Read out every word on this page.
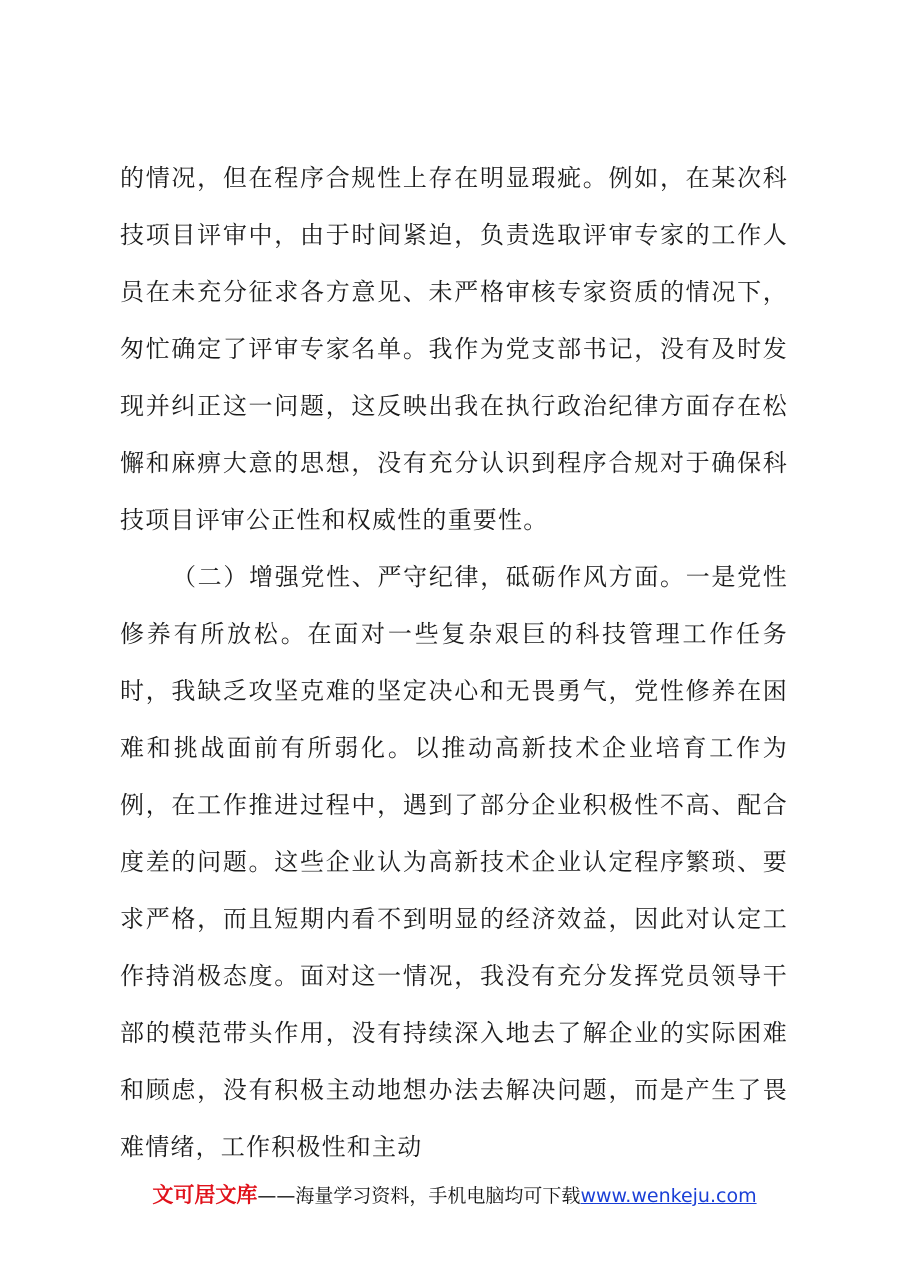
的情况，但在程序合规性上存在明显瑕疵。例如，在某次科技项目评审中，由于时间紧迫，负责选取评审专家的工作人员在未充分征求各方意见、未严格审核专家资质的情况下，匆忙确定了评审专家名单。我作为党支部书记，没有及时发现并纠正这一问题，这反映出我在执行政治纪律方面存在松懈和麻痹大意的思想，没有充分认识到程序合规对于确保科技项目评审公正性和权威性的重要性。

（二）增强党性、严守纪律，砥砺作风方面。一是党性修养有所放松。在面对一些复杂艰巨的科技管理工作任务时，我缺乏攻坚克难的坚定决心和无畏勇气，党性修养在困难和挑战面前有所弱化。以推动高新技术企业培育工作为例，在工作推进过程中，遇到了部分企业积极性不高、配合度差的问题。这些企业认为高新技术企业认定程序繁琐、要求严格，而且短期内看不到明显的经济效益，因此对认定工作持消极态度。面对这一情况，我没有充分发挥党员领导干部的模范带头作用，没有持续深入地去了解企业的实际困难和顾虑，没有积极主动地想办法去解决问题，而是产生了畏难情绪，工作积极性和主动

文可居文库——海量学习资料，手机电脑均可下载www.wenkeju.com
